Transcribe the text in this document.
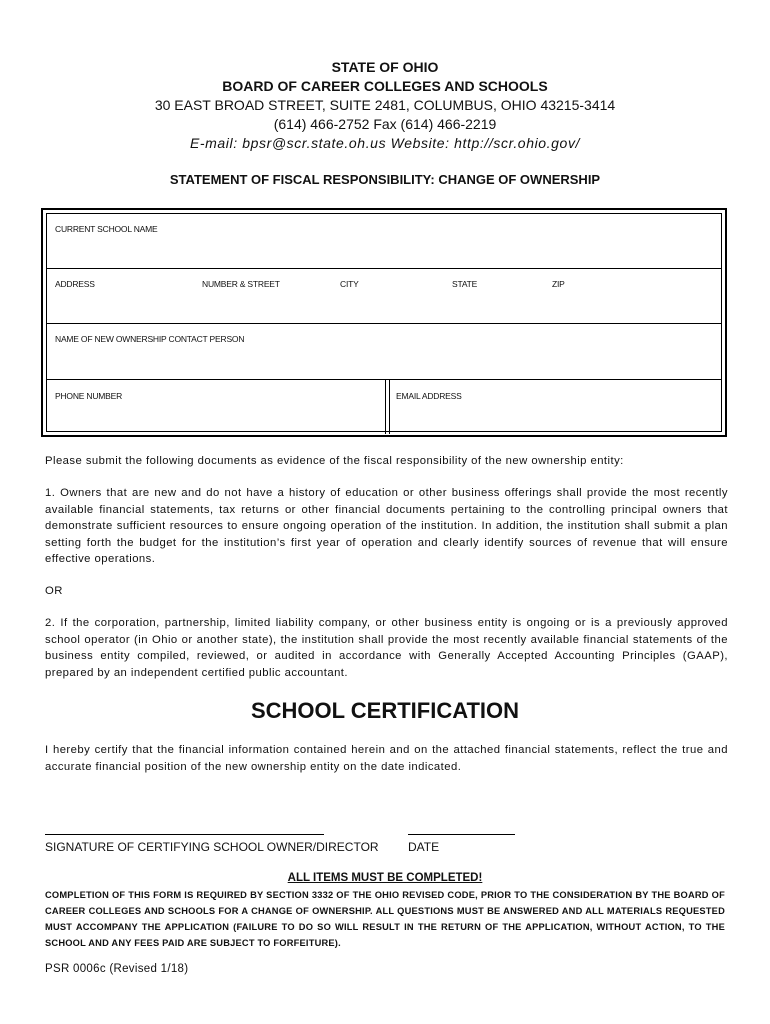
STATE OF OHIO
BOARD OF CAREER COLLEGES AND SCHOOLS
30 EAST BROAD STREET, SUITE 2481, COLUMBUS, OHIO 43215-3414
(614) 466-2752 Fax (614) 466-2219
E-mail: bpsr@scr.state.oh.us Website: http://scr.ohio.gov/
STATEMENT OF FISCAL RESPONSIBILITY: CHANGE OF OWNERSHIP
CURRENT SCHOOL NAME
ADDRESS	NUMBER & STREET	CITY	STATE	ZIP
NAME OF NEW OWNERSHIP CONTACT PERSON
PHONE NUMBER	EMAIL ADDRESS
Please submit the following documents as evidence of the fiscal responsibility of the new ownership entity:
1. Owners that are new and do not have a history of education or other business offerings shall provide the most recently available financial statements, tax returns or other financial documents pertaining to the controlling principal owners that demonstrate sufficient resources to ensure ongoing operation of the institution. In addition, the institution shall submit a plan setting forth the budget for the institution’s first year of operation and clearly identify sources of revenue that will ensure effective operations.
OR
2. If the corporation, partnership, limited liability company, or other business entity is ongoing or is a previously approved school operator (in Ohio or another state), the institution shall provide the most recently available financial statements of the business entity compiled, reviewed, or audited in accordance with Generally Accepted Accounting Principles (GAAP), prepared by an independent certified public accountant.
SCHOOL CERTIFICATION
I hereby certify that the financial information contained herein and on the attached financial statements, reflect the true and accurate financial position of the new ownership entity on the date indicated.
SIGNATURE OF CERTIFYING SCHOOL OWNER/DIRECTOR DATE
ALL ITEMS MUST BE COMPLETED!
COMPLETION OF THIS FORM IS REQUIRED BY SECTION 3332 OF THE OHIO REVISED CODE, PRIOR TO THE CONSIDERATION BY THE BOARD OF CAREER COLLEGES AND SCHOOLS FOR A CHANGE OF OWNERSHIP. ALL QUESTIONS MUST BE ANSWERED AND ALL MATERIALS REQUESTED MUST ACCOMPANY THE APPLICATION (FAILURE TO DO SO WILL RESULT IN THE RETURN OF THE APPLICATION, WITHOUT ACTION, TO THE SCHOOL AND ANY FEES PAID ARE SUBJECT TO FORFEITURE).
PSR 0006c (Revised 1/18)
